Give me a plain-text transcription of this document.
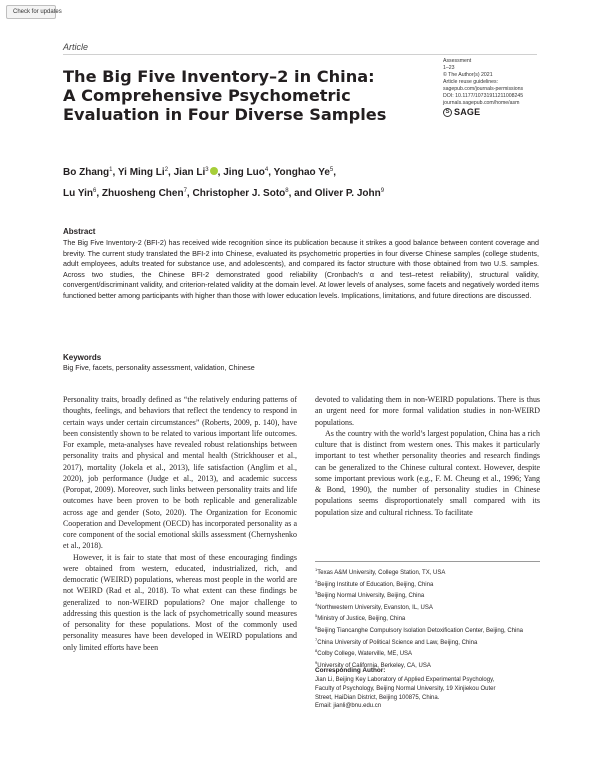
Check for updates
Article
The Big Five Inventory–2 in China:
A Comprehensive Psychometric
Evaluation in Four Diverse Samples
Assessment
1–23
© The Author(s) 2021
Article reuse guidelines:
sagepub.com/journals-permissions
DOI: 10.1177/10731911211008245
journals.sagepub.com/home/asm
S SAGE
Bo Zhang$^1$, Yi Ming Li$^2$, Jian Li$^3$ , Jing Luo$^4$, Yonghao Ye$^5$,
Lu Yin$^6$, Zhuosheng Chen$^7$, Christopher J. Soto$^8$, and Oliver P. John$^9$
Abstract
The Big Five Inventory-2 (BFI-2) has received wide recognition since its publication because it strikes a good balance between content coverage and brevity. The current study translated the BFI-2 into Chinese, evaluated its psychometric properties in four diverse Chinese samples (college students, adult employees, adults treated for substance use, and adolescents), and compared its factor structure with those obtained from two U.S. samples. Across two studies, the Chinese BFI-2 demonstrated good reliability (Cronbach’s α and test–retest reliability), structural validity, convergent/discriminant validity, and criterion-related validity at the domain level. At lower levels of analyses, some facets and negatively worded items functioned better among participants with higher than those with lower education levels. Implications, limitations, and future directions are discussed.
Keywords
Big Five, facets, personality assessment, validation, Chinese

Personality traits, broadly defined as “the relatively enduring patterns of thoughts, feelings, and behaviors that reflect the tendency to respond in certain ways under certain circumstances” (Roberts, 2009, p. 140), have been consistently shown to be related to various important life outcomes. For example, meta-analyses have revealed robust relationships between personality traits and physical and mental health (Strickhouser et al., 2017), mortality (Jokela et al., 2013), life satisfaction (Anglim et al., 2020), job performance (Judge et al., 2013), and academic success (Poropat, 2009). Moreover, such links between personality traits and life outcomes have been proven to be both replicable and generalizable across age and gender (Soto, 2020). The Organization for Economic Cooperation and Development (OECD) has incorporated personality as a core component of the social emotional skills assessment (Chernyshenko et al., 2018).

However, it is fair to state that most of these encouraging findings were obtained from western, educated, industrialized, rich, and democratic (WEIRD) populations, whereas most people in the world are not WEIRD (Rad et al., 2018). To what extent can these findings be generalized to non-WEIRD populations? One major challenge to addressing this question is the lack of psychometrically sound measures of personality for these populations. Most of the commonly used personality measures have been developed in WEIRD populations and only limited efforts have been

devoted to validating them in non-WEIRD populations. There is thus an urgent need for more formal validation studies in non-WEIRD populations.

As the country with the world’s largest population, China has a rich culture that is distinct from western ones. This makes it particularly important to test whether personality theories and research findings can be generalized to the Chinese cultural context. However, despite some important previous work (e.g., F. M. Cheung et al., 1996; Yang & Bond, 1990), the number of personality studies in Chinese populations seems disproportionately small compared with its population size and cultural richness. To facilitate

$^1$Texas A&M University, College Station, TX, USA
$^2$Beijing Institute of Education, Beijing, China
$^3$Beijing Normal University, Beijing, China
$^4$Northwestern University, Evanston, IL, USA
$^5$Ministry of Justice, Beijing, China
$^6$Beijing Tiancanghe Compulsory Isolation Detoxification Center, Beijing, China
$^7$China University of Political Science and Law, Beijing, China
$^8$Colby College, Waterville, ME, USA
$^9$University of California, Berkeley, CA, USA
Corresponding Author:
Jian Li, Beijing Key Laboratory of Applied Experimental Psychology,
Faculty of Psychology, Beijing Normal University, 19 Xinjiekou Outer
Street, HaiDian District, Beijing 100875, China.
Email: jianli@bnu.edu.cn
